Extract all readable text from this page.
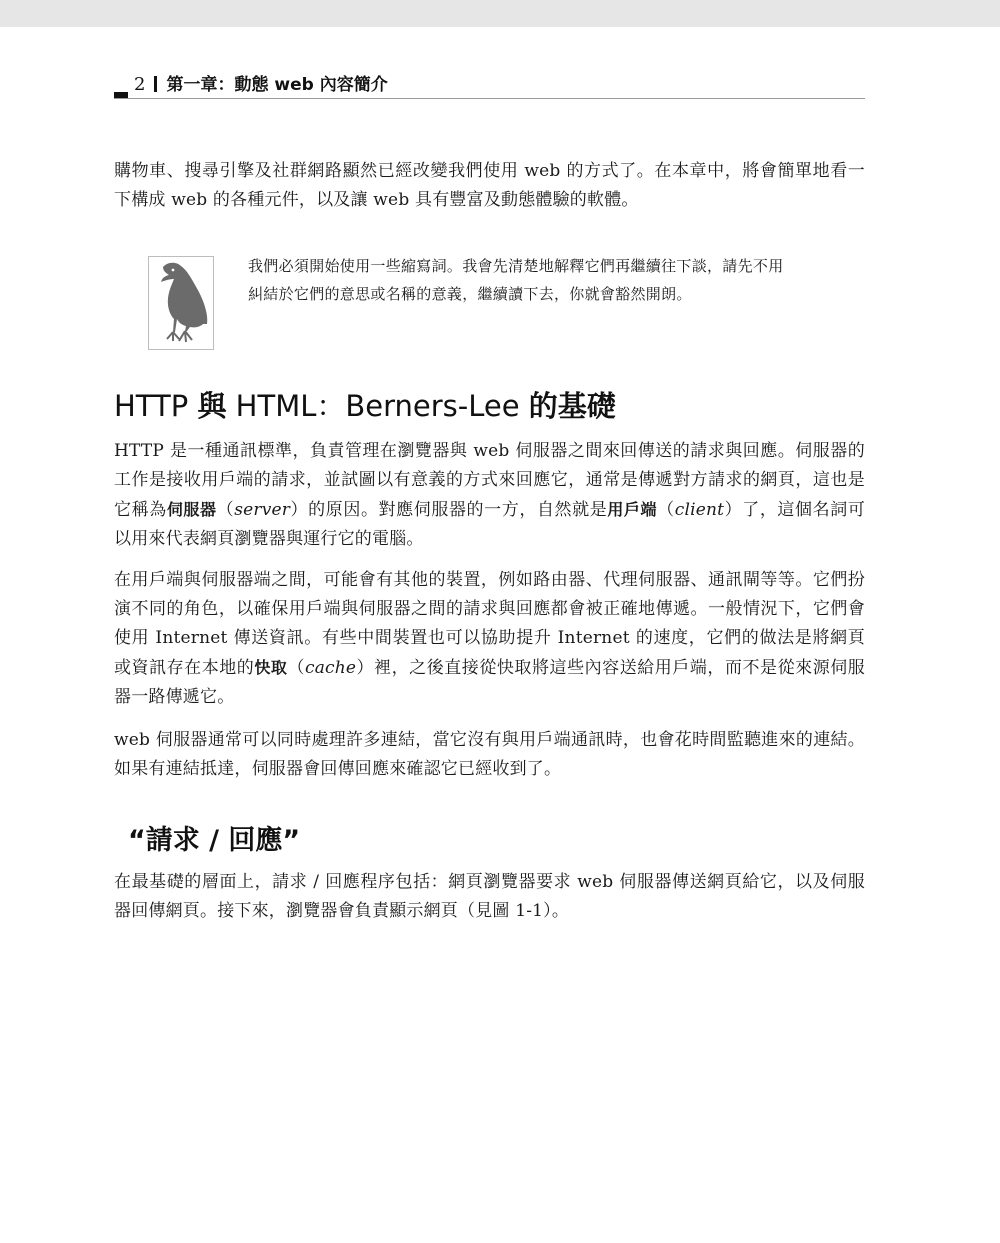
2 第一章：動態 web 內容簡介

購物車、搜尋引擎及社群網路顯然已經改變我們使用 web 的方式了。在本章中，將會簡單地看一下構成 web 的各種元件，以及讓 web 具有豐富及動態體驗的軟體。

我們必須開始使用一些縮寫詞。我會先清楚地解釋它們再繼續往下談，請先不用糾結於它們的意思或名稱的意義，繼續讀下去，你就會豁然開朗。

HTTP 與 HTML：Berners-Lee 的基礎

HTTP 是一種通訊標準，負責管理在瀏覽器與 web 伺服器之間來回傳送的請求與回應。伺服器的工作是接收用戶端的請求，並試圖以有意義的方式來回應它，通常是傳遞對方請求的網頁，這也是它稱為伺服器（server）的原因。對應伺服器的一方，自然就是用戶端（client）了，這個名詞可以用來代表網頁瀏覽器與運行它的電腦。

在用戶端與伺服器端之間，可能會有其他的裝置，例如路由器、代理伺服器、通訊閘等等。它們扮演不同的角色，以確保用戶端與伺服器之間的請求與回應都會被正確地傳遞。一般情況下，它們會使用 Internet 傳送資訊。有些中間裝置也可以協助提升 Internet 的速度，它們的做法是將網頁或資訊存在本地的快取（cache）裡，之後直接從快取將這些內容送給用戶端，而不是從來源伺服器一路傳遞它。

web 伺服器通常可以同時處理許多連結，當它沒有與用戶端通訊時，也會花時間監聽進來的連結。如果有連結抵達，伺服器會回傳回應來確認它已經收到了。

“請求 / 回應”

在最基礎的層面上，請求 / 回應程序包括：網頁瀏覽器要求 web 伺服器傳送網頁給它，以及伺服器回傳網頁。接下來，瀏覽器會負責顯示網頁（見圖 1-1）。
